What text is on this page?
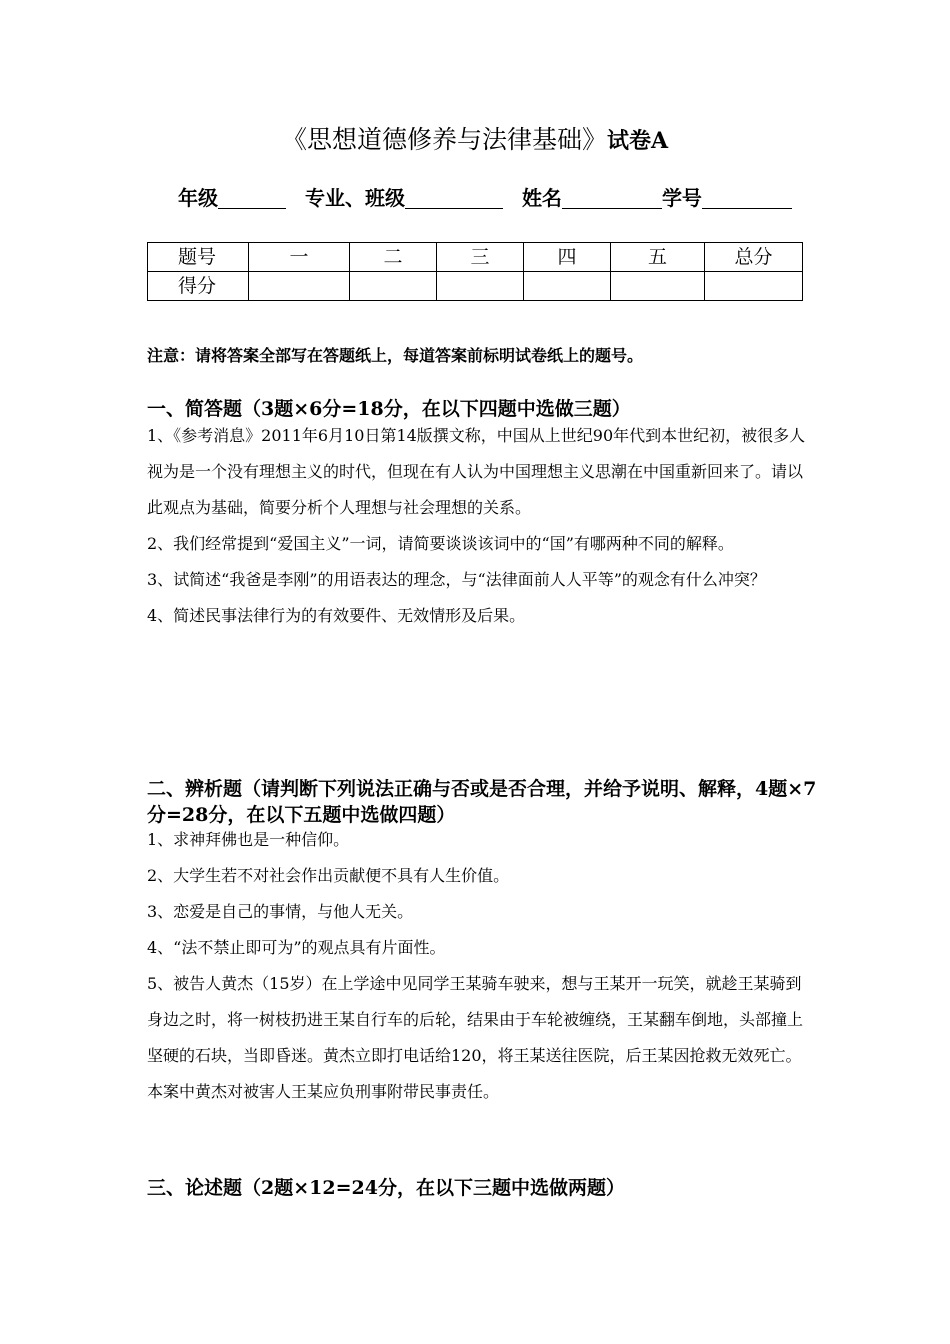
《思想道德修养与法律基础》试卷A
年级	专业、班级	姓名	学号
题号	一	二	三	四	五	总分
得分						
注意：请将答案全部写在答题纸上，每道答案前标明试卷纸上的题号。
一、简答题（3题×6分=18分，在以下四题中选做三题）

1、《参考消息》2011年6月10日第14版撰文称，中国从上世纪90年代到本世纪初，被很多人视为是一个没有理想主义的时代，但现在有人认为中国理想主义思潮在中国重新回来了。请以此观点为基础，简要分析个人理想与社会理想的关系。

2、我们经常提到“爱国主义”一词，请简要谈谈该词中的“国”有哪两种不同的解释。

3、试简述“我爸是李刚”的用语表达的理念，与“法律面前人人平等”的观念有什么冲突？

4、简述民事法律行为的有效要件、无效情形及后果。

二、辨析题（请判断下列说法正确与否或是否合理，并给予说明、解释，4题×7分=28分，在以下五题中选做四题）

1、求神拜佛也是一种信仰。

2、大学生若不对社会作出贡献便不具有人生价值。

3、恋爱是自己的事情，与他人无关。

4、“法不禁止即可为”的观点具有片面性。

5、被告人黄杰（15岁）在上学途中见同学王某骑车驶来，想与王某开一玩笑，就趁王某骑到身边之时，将一树枝扔进王某自行车的后轮，结果由于车轮被缠绕，王某翻车倒地，头部撞上坚硬的石块，当即昏迷。黄杰立即打电话给120，将王某送往医院，后王某因抢救无效死亡。本案中黄杰对被害人王某应负刑事附带民事责任。

三、论述题（2题×12=24分，在以下三题中选做两题）
